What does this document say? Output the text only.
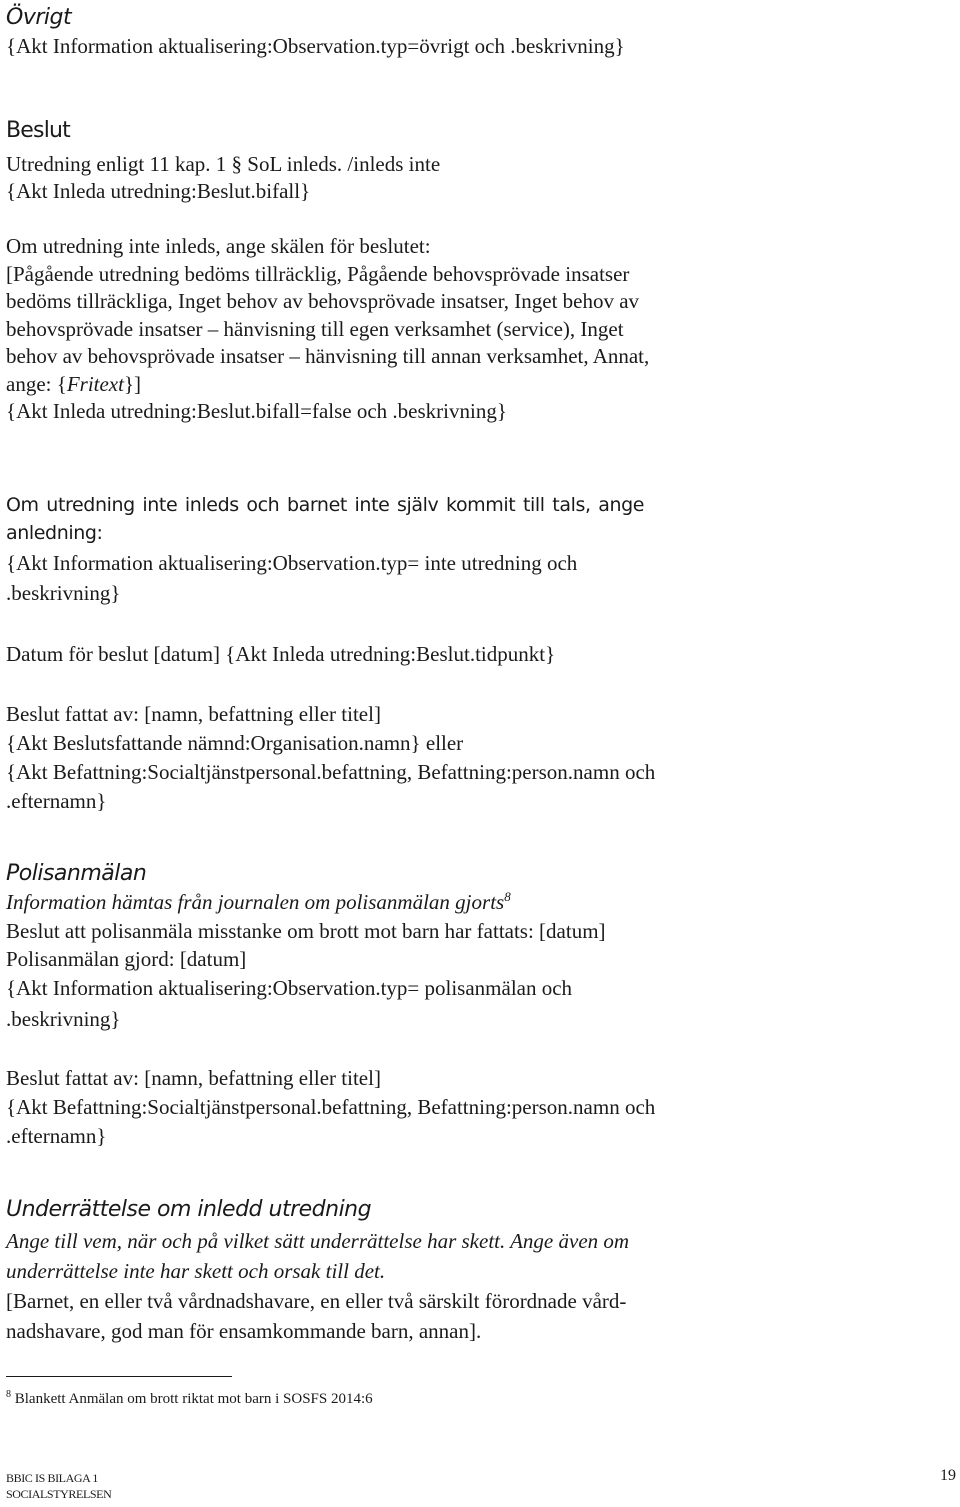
Övrigt
{Akt Information aktualisering:Observation.typ=övrigt och .beskrivning}
Beslut
Utredning enligt 11 kap. 1 § SoL inleds. /inleds inte
{Akt Inleda utredning:Beslut.bifall}
Om utredning inte inleds, ange skälen för beslutet:
[Pågående utredning bedöms tillräcklig, Pågående behovsprövade insatser
bedöms tillräckliga, Inget behov av behovsprövade insatser, Inget behov av
behovsprövade insatser – hänvisning till egen verksamhet (service), Inget
behov av behovsprövade insatser – hänvisning till annan verksamhet, Annat,
ange: {Fritext}]
{Akt Inleda utredning:Beslut.bifall=false och .beskrivning}
Om utredning inte inleds och barnet inte själv kommit till tals, ange
anledning:
{Akt Information aktualisering:Observation.typ= inte utredning och
.beskrivning}
Datum för beslut [datum] {Akt Inleda utredning:Beslut.tidpunkt}
Beslut fattat av: [namn, befattning eller titel]
{Akt Beslutsfattande nämnd:Organisation.namn} eller
{Akt Befattning:Socialtjänstpersonal.befattning, Befattning:person.namn och
.efternamn}
Polisanmälan
Information hämtas från journalen om polisanmälan gjorts$^8$
Beslut att polisanmäla misstanke om brott mot barn har fattats: [datum]
Polisanmälan gjord: [datum]
{Akt Information aktualisering:Observation.typ= polisanmälan och
.beskrivning}
Beslut fattat av: [namn, befattning eller titel]
{Akt Befattning:Socialtjänstpersonal.befattning, Befattning:person.namn och
.efternamn}
Underrättelse om inledd utredning
Ange till vem, när och på vilket sätt underrättelse har skett. Ange även om
underrättelse inte har skett och orsak till det.
[Barnet, en eller två vårdnadshavare, en eller två särskilt förordnade vård-
nadshavare, god man för ensamkommande barn, annan].
$^8$ Blankett Anmälan om brott riktat mot barn i SOSFS 2014:6
BBIC IS BILAGA 1
SOCIALSTYRELSEN
19
